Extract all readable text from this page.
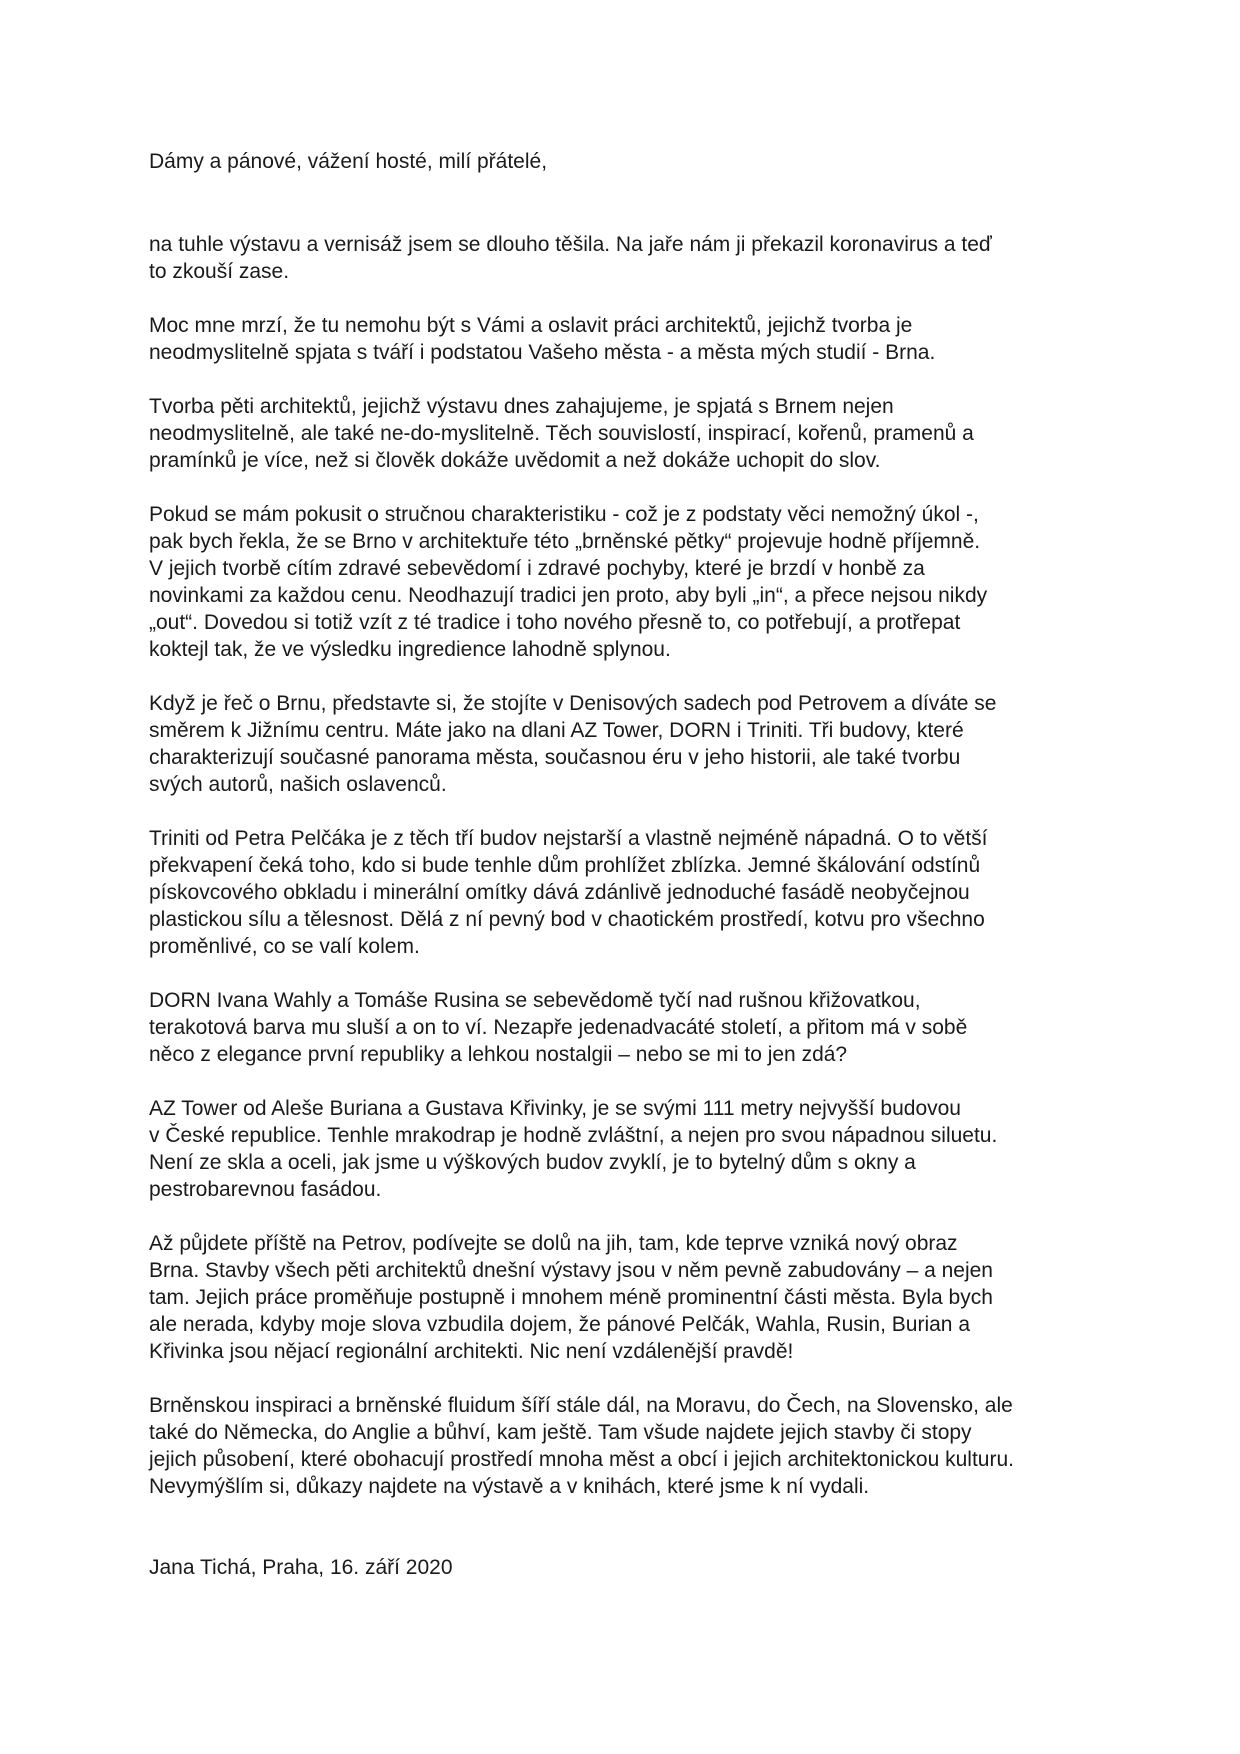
Dámy a pánové, vážení hosté, milí přátelé,

na tuhle výstavu a vernisáž jsem se dlouho těšila. Na jaře nám ji překazil koronavirus a teď
to zkouší zase.

Moc mne mrzí, že tu nemohu být s Vámi a oslavit práci architektů, jejichž tvorba je
neodmyslitelně spjata s tváří i podstatou Vašeho města - a města mých studií - Brna.

Tvorba pěti architektů, jejichž výstavu dnes zahajujeme, je spjatá s Brnem nejen
neodmyslitelně, ale také ne-do-myslitelně. Těch souvislostí, inspirací, kořenů, pramenů a
pramínků je více, než si člověk dokáže uvědomit a než dokáže uchopit do slov.

Pokud se mám pokusit o stručnou charakteristiku - což je z podstaty věci nemožný úkol -,
pak bych řekla, že se Brno v architektuře této „brněnské pětky“ projevuje hodně příjemně.
V jejich tvorbě cítím zdravé sebevědomí i zdravé pochyby, které je brzdí v honbě za
novinkami za každou cenu. Neodhazují tradici jen proto, aby byli „in“, a přece nejsou nikdy
„out“. Dovedou si totiž vzít z té tradice i toho nového přesně to, co potřebují, a protřepat
koktejl tak, že ve výsledku ingredience lahodně splynou.

Když je řeč o Brnu, představte si, že stojíte v Denisových sadech pod Petrovem a díváte se
směrem k Jižnímu centru. Máte jako na dlani AZ Tower, DORN i Triniti. Tři budovy, které
charakterizují současné panorama města, současnou éru v jeho historii, ale také tvorbu
svých autorů, našich oslavenců.

Triniti od Petra Pelčáka je z těch tří budov nejstarší a vlastně nejméně nápadná. O to větší
překvapení čeká toho, kdo si bude tenhle dům prohlížet zblízka. Jemné škálování odstínů
pískovcového obkladu i minerální omítky dává zdánlivě jednoduché fasádě neobyčejnou
plastickou sílu a tělesnost. Dělá z ní pevný bod v chaotickém prostředí, kotvu pro všechno
proměnlivé, co se valí kolem.

DORN Ivana Wahly a Tomáše Rusina se sebevědomě tyčí nad rušnou křižovatkou,
terakotová barva mu sluší a on to ví. Nezapře jedenadvacáté století, a přitom má v sobě
něco z elegance první republiky a lehkou nostalgii – nebo se mi to jen zdá?

AZ Tower od Aleše Buriana a Gustava Křivinky, je se svými 111 metry nejvyšší budovou
v České republice. Tenhle mrakodrap je hodně zvláštní, a nejen pro svou nápadnou siluetu.
Není ze skla a oceli, jak jsme u výškových budov zvyklí, je to bytelný dům s okny a
pestrobarevnou fasádou.

Až půjdete příště na Petrov, podívejte se dolů na jih, tam, kde teprve vzniká nový obraz
Brna. Stavby všech pěti architektů dnešní výstavy jsou v něm pevně zabudovány – a nejen
tam. Jejich práce proměňuje postupně i mnohem méně prominentní části města. Byla bych
ale nerada, kdyby moje slova vzbudila dojem, že pánové Pelčák, Wahla, Rusin, Burian a
Křivinka jsou nějací regionální architekti. Nic není vzdálenější pravdě!

Brněnskou inspiraci a brněnské fluidum šíří stále dál, na Moravu, do Čech, na Slovensko, ale
také do Německa, do Anglie a bůhví, kam ještě. Tam všude najdete jejich stavby či stopy
jejich působení, které obohacují prostředí mnoha měst a obcí i jejich architektonickou kulturu.
Nevymýšlím si, důkazy najdete na výstavě a v knihách, které jsme k ní vydali.

Jana Tichá, Praha, 16. září 2020
